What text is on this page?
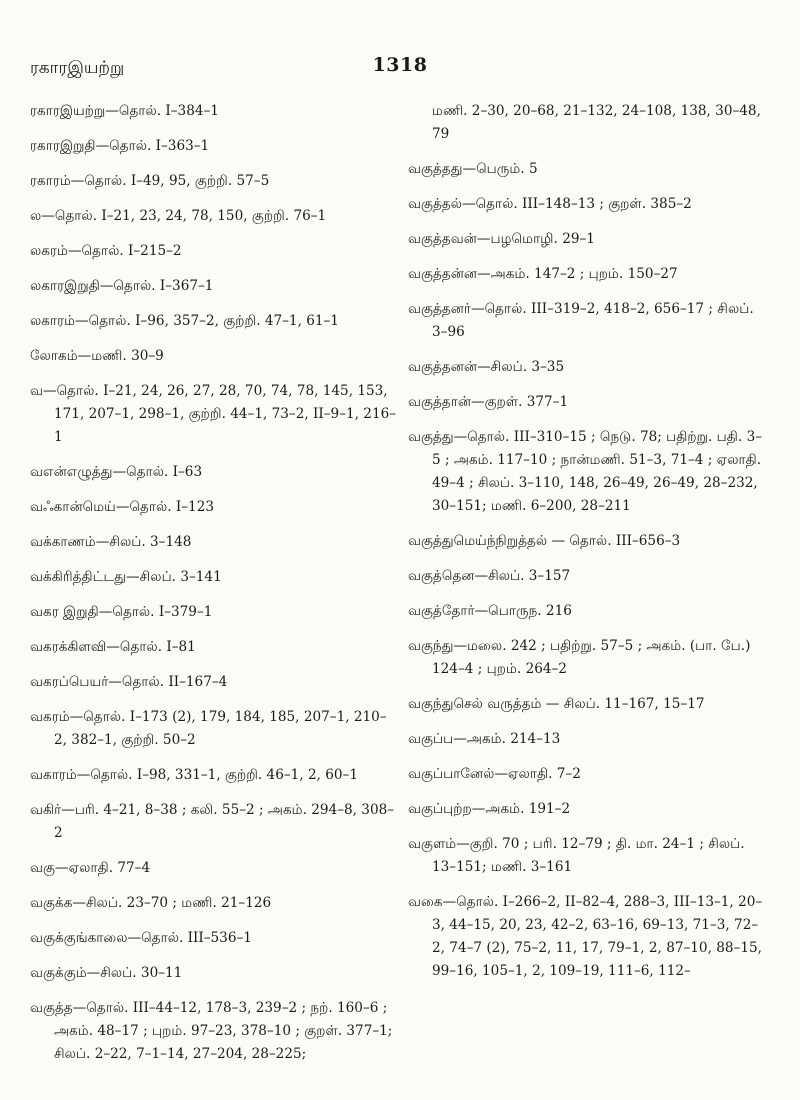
ரகாரஇயற்று	1318
ரகாரஇயற்று—தொல். I–384–1
ரகாரஇறுதி—தொல். I–363–1
ரகாரம்—தொல். I–49, 95, குற்றி. 57–5
ல—தொல். I–21, 23, 24, 78, 150, குற்றி. 76–1
லகரம்—தொல். I–215–2
லகாரஇறுதி—தொல். I–367–1
லகாரம்—தொல். I–96, 357–2, குற்றி. 47–1, 61–1
லோகம்—மணி. 30–9
வ—தொல். I–21, 24, 26, 27, 28, 70, 74, 78, 145, 153, 171, 207–1, 298–1, குற்றி. 44–1, 73–2, II–9–1, 216–1
வஎன்எழுத்து—தொல். I–63
வஃகான்மெய்—தொல். I–123
வக்காணம்—சிலப். 3–148
வக்கிரித்திட்டது—சிலப். 3–141
வகர இறுதி—தொல். I–379–1
வகரக்கிளவி—தொல். I–81
வகரப்பெயர்—தொல். II–167–4
வகரம்—தொல். I–173 (2), 179, 184, 185, 207–1, 210–2, 382–1, குற்றி. 50–2
வகாரம்—தொல். I–98, 331–1, குற்றி. 46–1, 2, 60–1
வகிர்—பரி. 4–21, 8–38 ; கலி. 55–2 ; அகம். 294–8, 308–2
வகு—ஏலாதி. 77–4
வகுக்க—சிலப். 23–70 ; மணி. 21–126
வகுக்குங்காலை—தொல். III–536–1
வகுக்கும்—சிலப். 30–11
வகுத்த—தொல். III–44–12, 178–3, 239–2 ; நற். 160–6 ; அகம். 48–17 ; புறம். 97–23, 378–10 ; குறள். 377–1; சிலப். 2–22, 7–1–14, 27–204, 28–225;
மணி. 2–30, 20–68, 21–132, 24–108, 138, 30–48, 79
வகுத்தது—பெரும். 5
வகுத்தல்—தொல். III–148–13 ; குறள். 385–2
வகுத்தவன்—பழமொழி. 29–1
வகுத்தன்ன—அகம். 147–2 ; புறம். 150–27
வகுத்தனர்—தொல். III–319–2, 418–2, 656–17 ; சிலப். 3–96
வகுத்தனன்—சிலப். 3–35
வகுத்தான்—குறள். 377–1
வகுத்து—தொல். III–310–15 ; நெடு. 78; பதிற்று. பதி. 3–5 ; அகம். 117–10 ; நான்மணி. 51–3, 71–4 ; ஏலாதி. 49–4 ; சிலப். 3–110, 148, 26–49, 26–49, 28–232, 30–151; மணி. 6–200, 28–211
வகுத்துமெய்ந்நிறுத்தல் — தொல். III–656–3
வகுத்தென—சிலப். 3–157
வகுத்தோர்—பொருந. 216
வகுந்து—மலை. 242 ; பதிற்று. 57–5 ; அகம். (பா. பே.) 124–4 ; புறம். 264–2
வகுந்துசெல் வருத்தம் — சிலப். 11–167, 15–17
வகுப்ப—அகம். 214–13
வகுப்பானேல்—ஏலாதி. 7–2
வகுப்புற்ற—அகம். 191–2
வகுளம்—குறி. 70 ; பரி. 12–79 ; தி. மா. 24–1 ; சிலப். 13–151; மணி. 3–161
வகை—தொல். I–266–2, II–82–4, 288–3, III–13–1, 20–3, 44–15, 20, 23, 42–2, 63–16, 69–13, 71–3, 72–2, 74–7 (2), 75–2, 11, 17, 79–1, 2, 87–10, 88–15, 99–16, 105–1, 2, 109–19, 111–6, 112–
